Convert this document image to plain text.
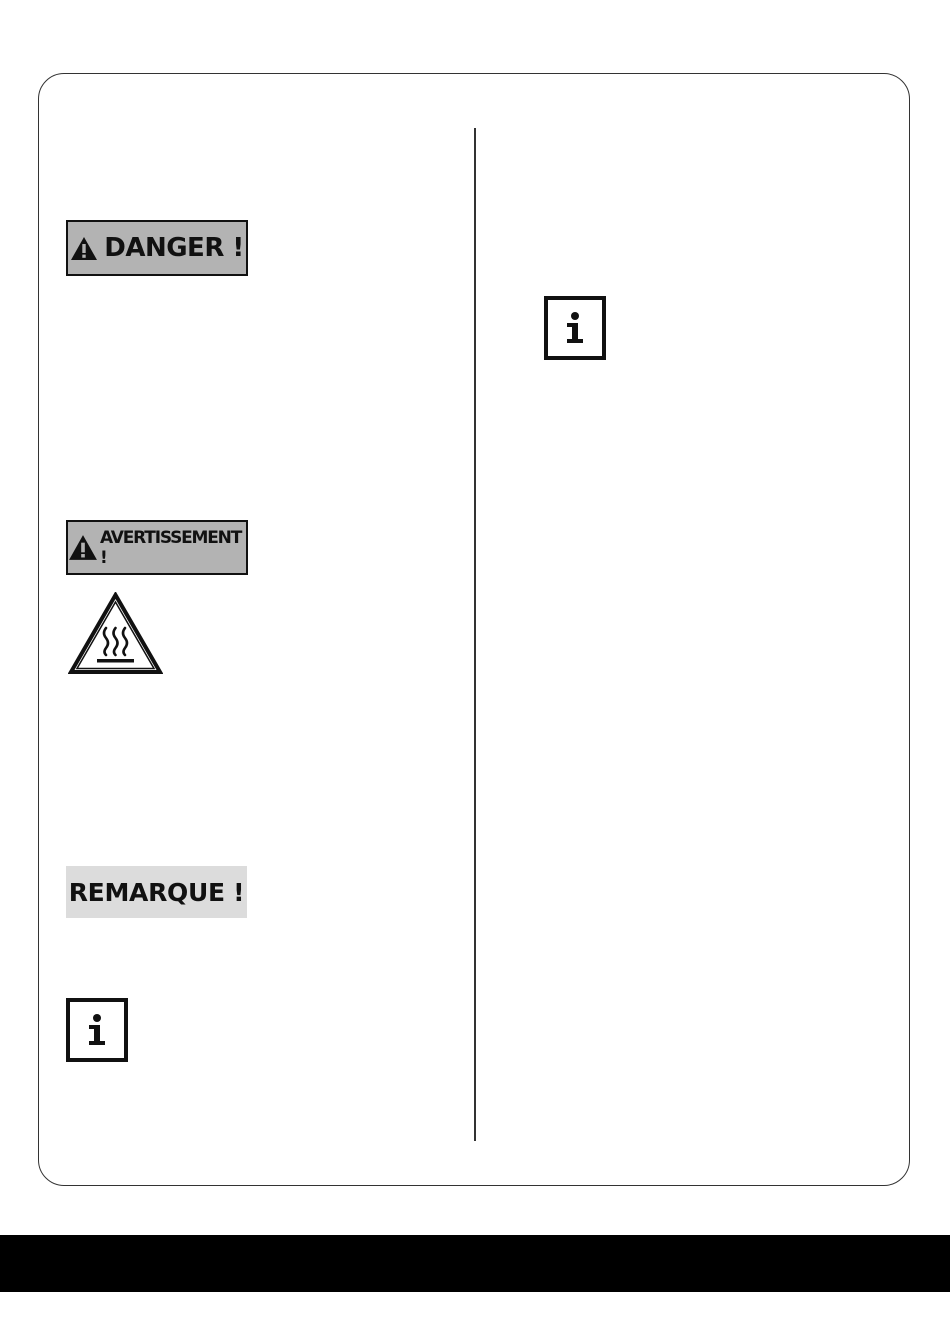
DANGER !
AVERTISSEMENT !
REMARQUE !
